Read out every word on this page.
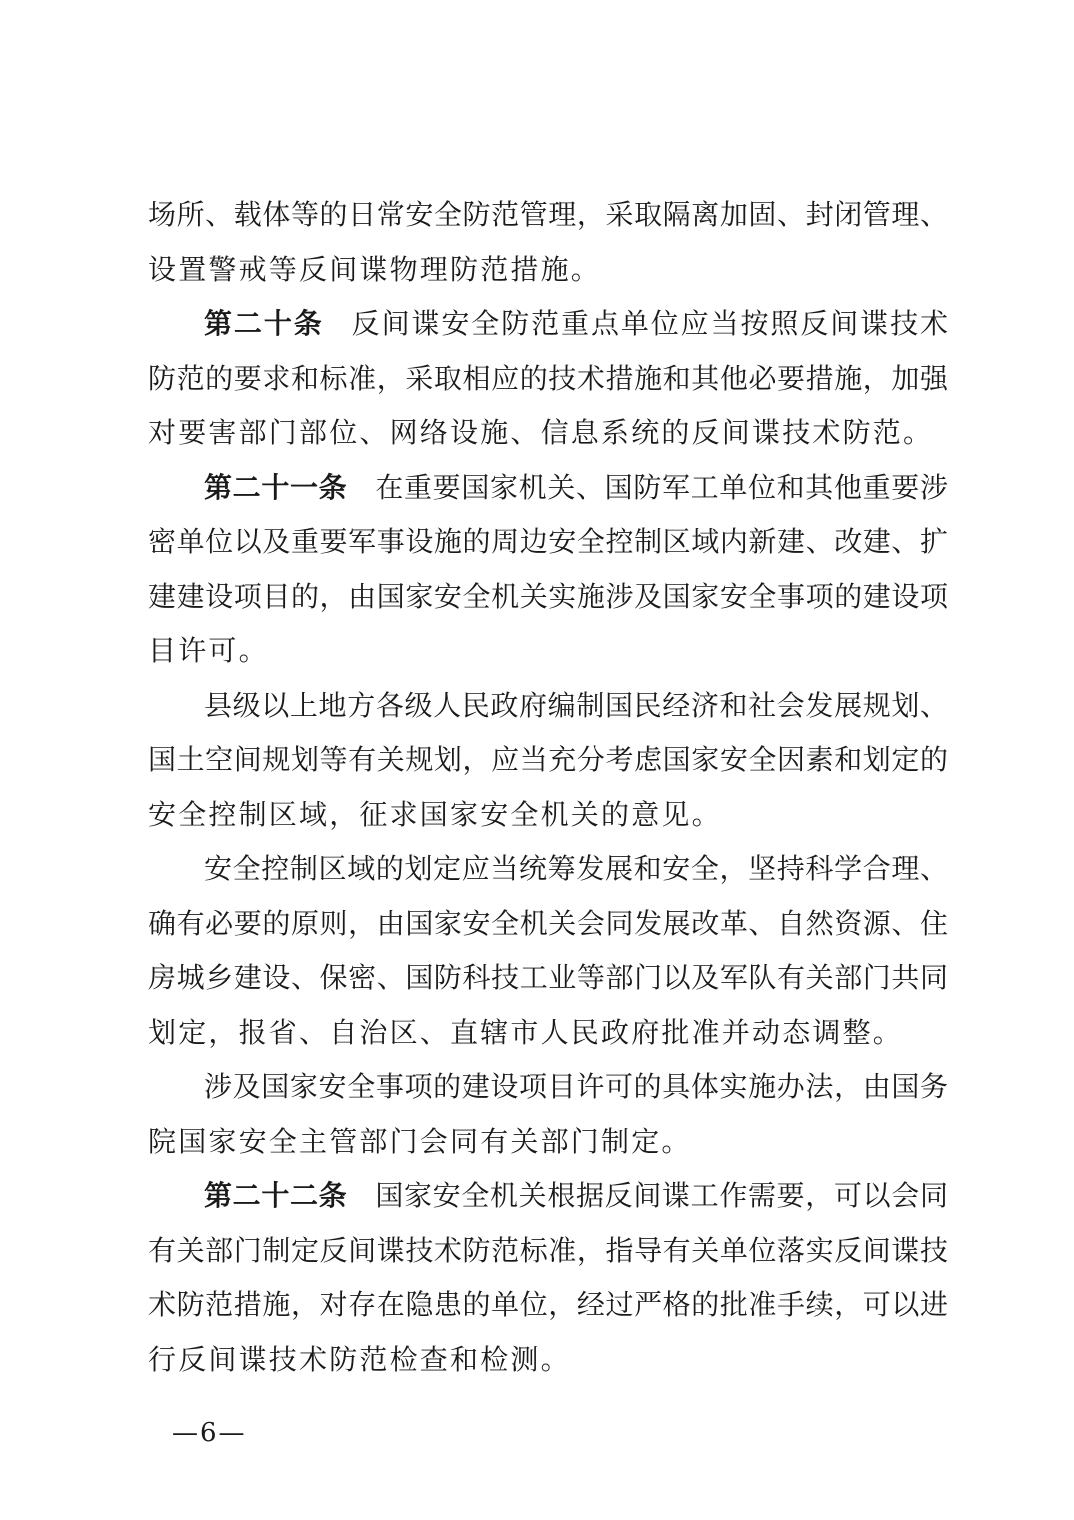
场所、载体等的日常安全防范管理，采取隔离加固、封闭管理、
设置警戒等反间谍物理防范措施。
第二十条 反间谍安全防范重点单位应当按照反间谍技术
防范的要求和标准，采取相应的技术措施和其他必要措施，加强
对要害部门部位、网络设施、信息系统的反间谍技术防范。
第二十一条 在重要国家机关、国防军工单位和其他重要涉
密单位以及重要军事设施的周边安全控制区域内新建、改建、扩
建建设项目的，由国家安全机关实施涉及国家安全事项的建设项
目许可。
县级以上地方各级人民政府编制国民经济和社会发展规划、
国土空间规划等有关规划，应当充分考虑国家安全因素和划定的
安全控制区域，征求国家安全机关的意见。
安全控制区域的划定应当统筹发展和安全，坚持科学合理、
确有必要的原则，由国家安全机关会同发展改革、自然资源、住
房城乡建设、保密、国防科技工业等部门以及军队有关部门共同
划定，报省、自治区、直辖市人民政府批准并动态调整。
涉及国家安全事项的建设项目许可的具体实施办法，由国务
院国家安全主管部门会同有关部门制定。
第二十二条 国家安全机关根据反间谍工作需要，可以会同
有关部门制定反间谍技术防范标准，指导有关单位落实反间谍技
术防范措施，对存在隐患的单位，经过严格的批准手续，可以进
行反间谍技术防范检查和检测。
—6—
